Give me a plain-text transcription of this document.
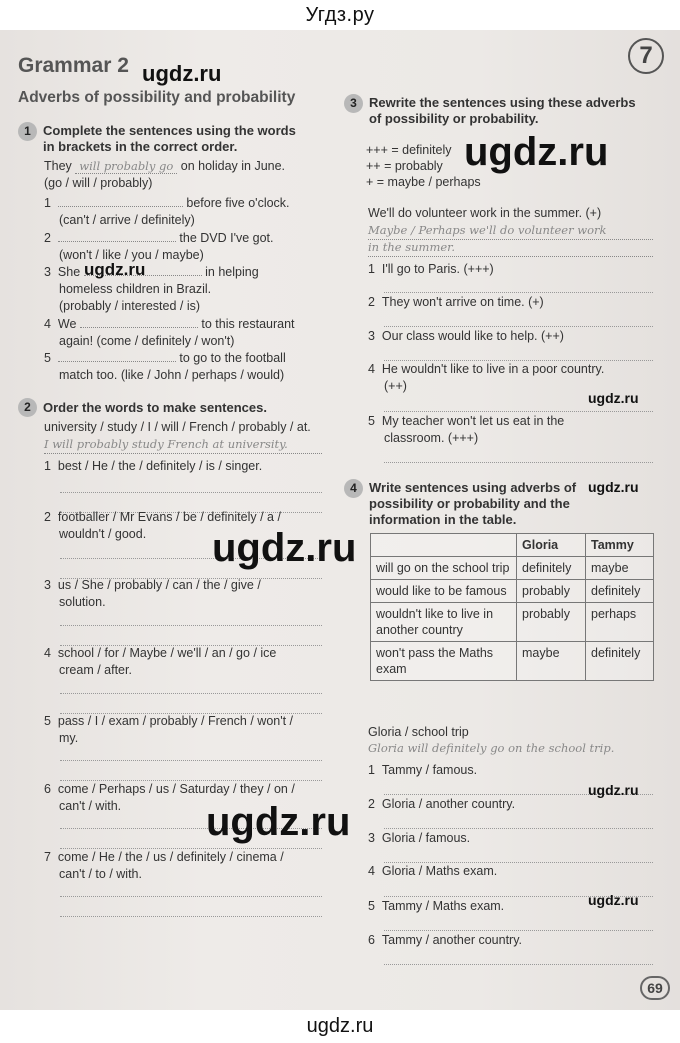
Угдз.ру
7
Grammar 2
Adverbs of possibility and probability
1 Complete the sentences using the words
in brackets in the correct order.
They will probably go on holiday in June.
(go / will / probably)
1	before five o'clock.
(can't / arrive / definitely)
2	the DVD I've got.
(won't / like / you / maybe)
3 She	in helping
homeless children in Brazil.
(probably / interested / is)
4 We	to this restaurant
again! (come / definitely / won't)
5	to go to the football
match too. (like / John / perhaps / would)
2 Order the words to make sentences.
university / study / I / will / French / probably / at.
I will probably study French at university.
1 best / He / the / definitely / is / singer.
2 footballer / Mr Evans / be / definitely / a /
wouldn't / good.
3 us / She / probably / can / the / give /
solution.
4 school / for / Maybe / we'll / an / go / ice
cream / after.
5 pass / I / exam / probably / French / won't /
my.
6 come / Perhaps / us / Saturday / they / on /
can't / with.
7 come / He / the / us / definitely / cinema /
can't / to / with.
3 Rewrite the sentences using these adverbs
of possibility or probability.
+++ = definitely
++ = probably
+ = maybe / perhaps
We'll do volunteer work in the summer. (+)
Maybe / Perhaps we'll do volunteer work
in the summer.
1 I'll go to Paris. (+++)
2 They won't arrive on time. (+)
3 Our class would like to help. (++)
4 He wouldn't like to live in a poor country.
(++)
5 My teacher won't let us eat in the
classroom. (+++)
4 Write sentences using adverbs of
possibility or probability and the
information in the table.
	Gloria	Tammy
will go on the school trip	definitely	maybe
would like to be famous	probably	definitely
wouldn't like to live in another country	probably	perhaps
won't pass the Maths exam	maybe	definitely
Gloria / school trip
Gloria will definitely go on the school trip.
1 Tammy / famous.
2 Gloria / another country.
3 Gloria / famous.
4 Gloria / Maths exam.
5 Tammy / Maths exam.
6 Tammy / another country.
69
ugdz.ru
ugdz.ru
ugdz.ru
ugdz.ru
ugdz.ru
ugdz.ru
ugdz.ru
ugdz.ru
ugdz.ru
ugdz.ru
